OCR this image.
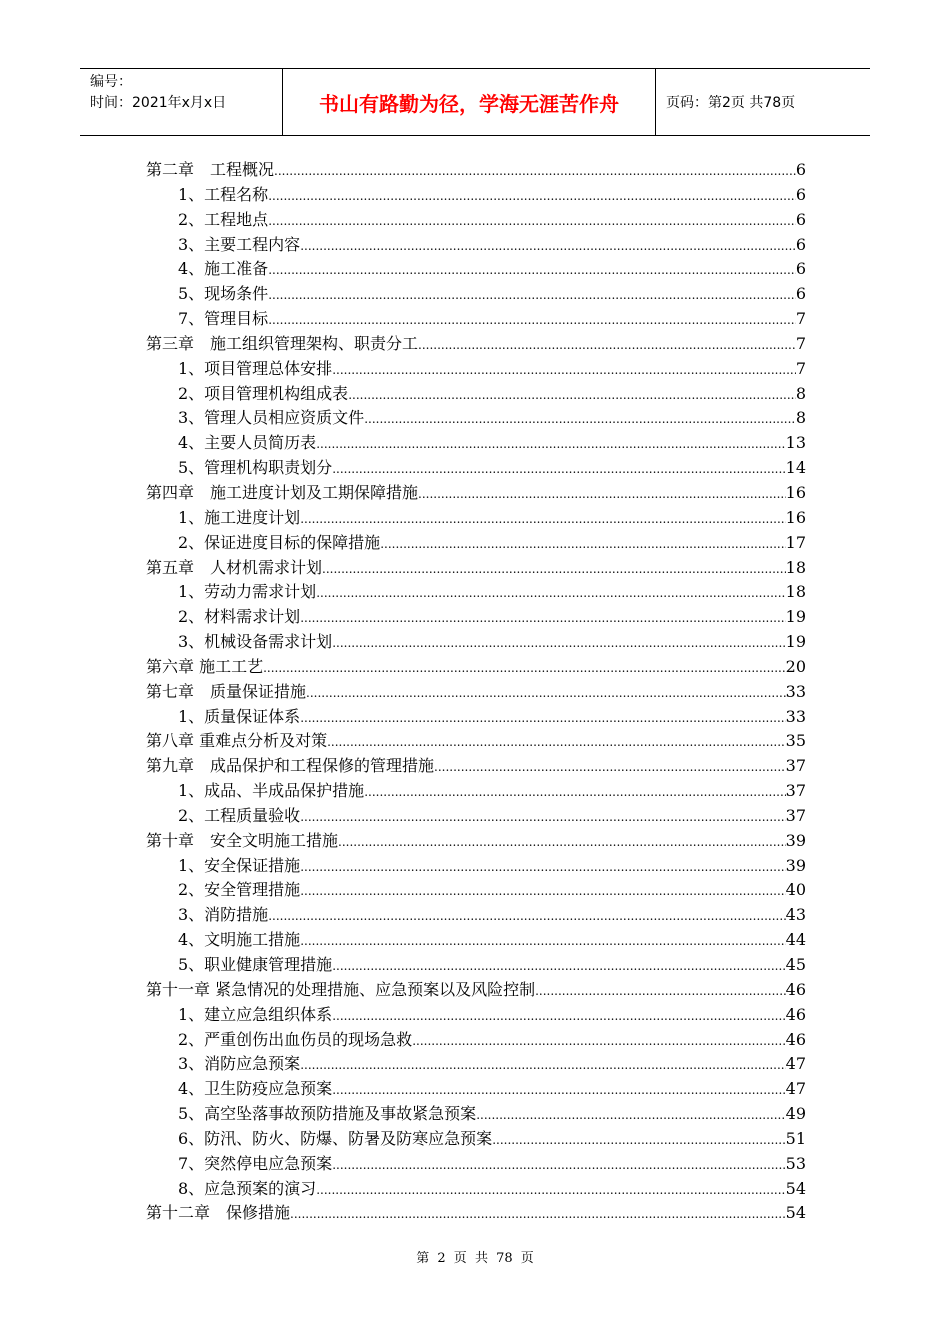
编号：
时间：2021年x月x日	书山有路勤为径，学海无涯苦作舟	页码：第2页 共78页
第二章　工程概况 .....	6
1、工程名称 .....	6
2、工程地点 .....	6
3、主要工程内容 .....	6
4、施工准备 .....	6
5、现场条件 .....	6
7、管理目标 .....	7
第三章　施工组织管理架构、职责分工 .....	7
1、项目管理总体安排 .....	7
2、项目管理机构组成表 .....	8
3、管理人员相应资质文件 .....	8
4、主要人员简历表 .....	13
5、管理机构职责划分 .....	14
第四章　施工进度计划及工期保障措施 .....	16
1、施工进度计划 .....	16
2、保证进度目标的保障措施 .....	17
第五章　人材机需求计划 .....	18
1、劳动力需求计划 .....	18
2、材料需求计划 .....	19
3、机械设备需求计划 .....	19
第六章 施工工艺 .....	20
第七章　质量保证措施 .....	33
1、质量保证体系 .....	33
第八章 重难点分析及对策 .....	35
第九章　成品保护和工程保修的管理措施 .....	37
1、成品、半成品保护措施 .....	37
2、工程质量验收 .....	37
第十章　安全文明施工措施 .....	39
1、安全保证措施 .....	39
2、安全管理措施 .....	40
3、消防措施 .....	43
4、文明施工措施 .....	44
5、职业健康管理措施 .....	45
第十一章 紧急情况的处理措施、应急预案以及风险控制 .....	46
1、建立应急组织体系 .....	46
2、严重创伤出血伤员的现场急救 .....	46
3、消防应急预案 .....	47
4、卫生防疫应急预案 .....	47
5、高空坠落事故预防措施及事故紧急预案 .....	49
6、防汛、防火、防爆、防暑及防寒应急预案 .....	51
7、突然停电应急预案 .....	53
8、应急预案的演习 .....	54
第十二章　保修措施 .....	54
第 2 页 共 78 页
